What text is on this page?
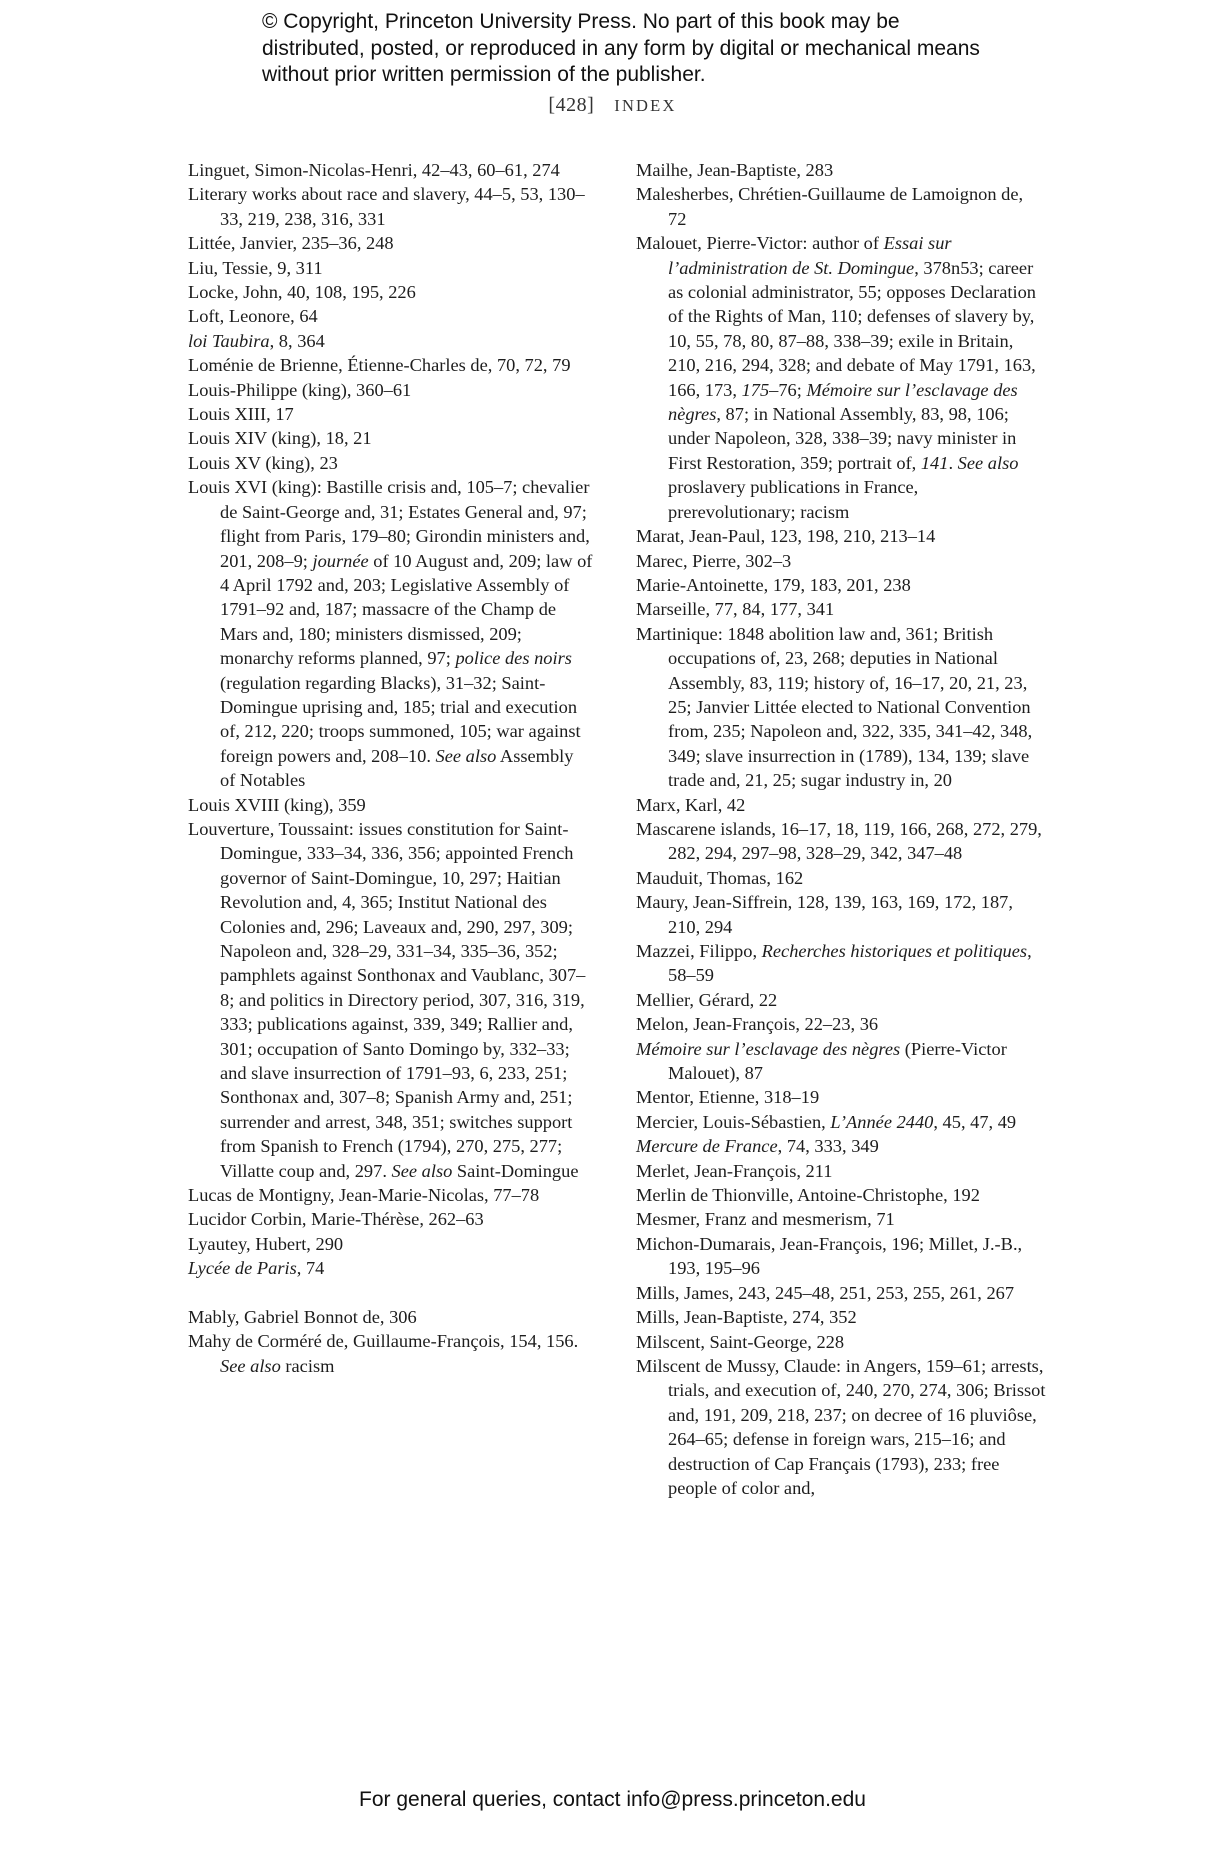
© Copyright, Princeton University Press. No part of this book may be distributed, posted, or reproduced in any form by digital or mechanical means without prior written permission of the publisher.

[428] INDEX

Linguet, Simon-Nicolas-Henri, 42–43, 60–61, 274

Literary works about race and slavery, 44–5, 53, 130–33, 219, 238, 316, 331

Littée, Janvier, 235–36, 248

Liu, Tessie, 9, 311

Locke, John, 40, 108, 195, 226

Loft, Leonore, 64

loi Taubira, 8, 364

Loménie de Brienne, Étienne-Charles de, 70, 72, 79

Louis-Philippe (king), 360–61

Louis XIII, 17

Louis XIV (king), 18, 21

Louis XV (king), 23

Louis XVI (king): Bastille crisis and, 105–7; chevalier de Saint-George and, 31; Estates General and, 97; flight from Paris, 179–80; Girondin ministers and, 201, 208–9; journée of 10 August and, 209; law of 4 April 1792 and, 203; Legislative Assembly of 1791–92 and, 187; massacre of the Champ de Mars and, 180; ministers dismissed, 209; monarchy reforms planned, 97; police des noirs (regulation regarding Blacks), 31–32; Saint-Domingue uprising and, 185; trial and execution of, 212, 220; troops summoned, 105; war against foreign powers and, 208–10. See also Assembly of Notables

Louis XVIII (king), 359

Louverture, Toussaint: issues constitution for Saint-Domingue, 333–34, 336, 356; appointed French governor of Saint-Domingue, 10, 297; Haitian Revolution and, 4, 365; Institut National des Colonies and, 296; Laveaux and, 290, 297, 309; Napoleon and, 328–29, 331–34, 335–36, 352; pamphlets against Sonthonax and Vaublanc, 307–8; and politics in Directory period, 307, 316, 319, 333; publications against, 339, 349; Rallier and, 301; occupation of Santo Domingo by, 332–33; and slave insurrection of 1791–93, 6, 233, 251; Sonthonax and, 307–8; Spanish Army and, 251; surrender and arrest, 348, 351; switches support from Spanish to French (1794), 270, 275, 277; Villatte coup and, 297. See also Saint-Domingue

Lucas de Montigny, Jean-Marie-Nicolas, 77–78

Lucidor Corbin, Marie-Thérèse, 262–63

Lyautey, Hubert, 290

Lycée de Paris, 74

Mably, Gabriel Bonnot de, 306

Mahy de Corméré de, Guillaume-François, 154, 156. See also racism

Mailhe, Jean-Baptiste, 283

Malesherbes, Chrétien-Guillaume de Lamoignon de, 72

Malouet, Pierre-Victor: author of Essai sur l’administration de St. Domingue, 378n53; career as colonial administrator, 55; opposes Declaration of the Rights of Man, 110; defenses of slavery by, 10, 55, 78, 80, 87–88, 338–39; exile in Britain, 210, 216, 294, 328; and debate of May 1791, 163, 166, 173, 175–76; Mémoire sur l’esclavage des nègres, 87; in National Assembly, 83, 98, 106; under Napoleon, 328, 338–39; navy minister in First Restoration, 359; portrait of, 141. See also proslavery publications in France, prerevolutionary; racism

Marat, Jean-Paul, 123, 198, 210, 213–14

Marec, Pierre, 302–3

Marie-Antoinette, 179, 183, 201, 238

Marseille, 77, 84, 177, 341

Martinique: 1848 abolition law and, 361; British occupations of, 23, 268; deputies in National Assembly, 83, 119; history of, 16–17, 20, 21, 23, 25; Janvier Littée elected to National Convention from, 235; Napoleon and, 322, 335, 341–42, 348, 349; slave insurrection in (1789), 134, 139; slave trade and, 21, 25; sugar industry in, 20

Marx, Karl, 42

Mascarene islands, 16–17, 18, 119, 166, 268, 272, 279, 282, 294, 297–98, 328–29, 342, 347–48

Mauduit, Thomas, 162

Maury, Jean-Siffrein, 128, 139, 163, 169, 172, 187, 210, 294

Mazzei, Filippo, Recherches historiques et politiques, 58–59

Mellier, Gérard, 22

Melon, Jean-François, 22–23, 36

Mémoire sur l’esclavage des nègres (Pierre-Victor Malouet), 87

Mentor, Etienne, 318–19

Mercier, Louis-Sébastien, L’Année 2440, 45, 47, 49

Mercure de France, 74, 333, 349

Merlet, Jean-François, 211

Merlin de Thionville, Antoine-Christophe, 192

Mesmer, Franz and mesmerism, 71

Michon-Dumarais, Jean-François, 196; Millet, J.-B., 193, 195–96

Mills, James, 243, 245–48, 251, 253, 255, 261, 267

Mills, Jean-Baptiste, 274, 352

Milscent, Saint-George, 228

Milscent de Mussy, Claude: in Angers, 159–61; arrests, trials, and execution of, 240, 270, 274, 306; Brissot and, 191, 209, 218, 237; on decree of 16 pluviôse, 264–65; defense in foreign wars, 215–16; and destruction of Cap Français (1793), 233; free people of color and,

For general queries, contact info@press.princeton.edu
